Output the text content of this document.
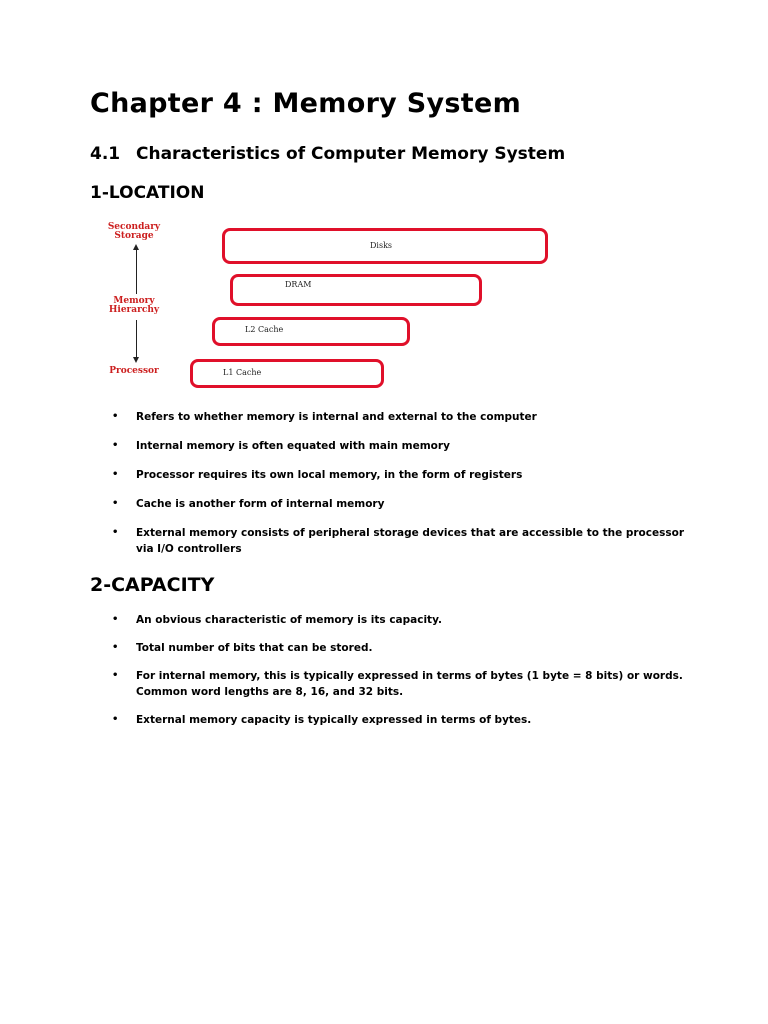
Chapter 4 : Memory System
4.1 Characteristics of Computer Memory System
1-LOCATION
Secondary Storage
Memory Hierarchy
Processor
Disks
DRAM
L2 Cache
L1 Cache
• Refers to whether memory is internal and external to the computer
• Internal memory is often equated with main memory
• Processor requires its own local memory, in the form of registers
• Cache is another form of internal memory
• External memory consists of peripheral storage devices that are accessible to the processor via I/O controllers
2-CAPACITY
• An obvious characteristic of memory is its capacity.
• Total number of bits that can be stored.
• For internal memory, this is typically expressed in terms of bytes (1 byte = 8 bits) or words. Common word lengths are 8, 16, and 32 bits.
• External memory capacity is typically expressed in terms of bytes.
